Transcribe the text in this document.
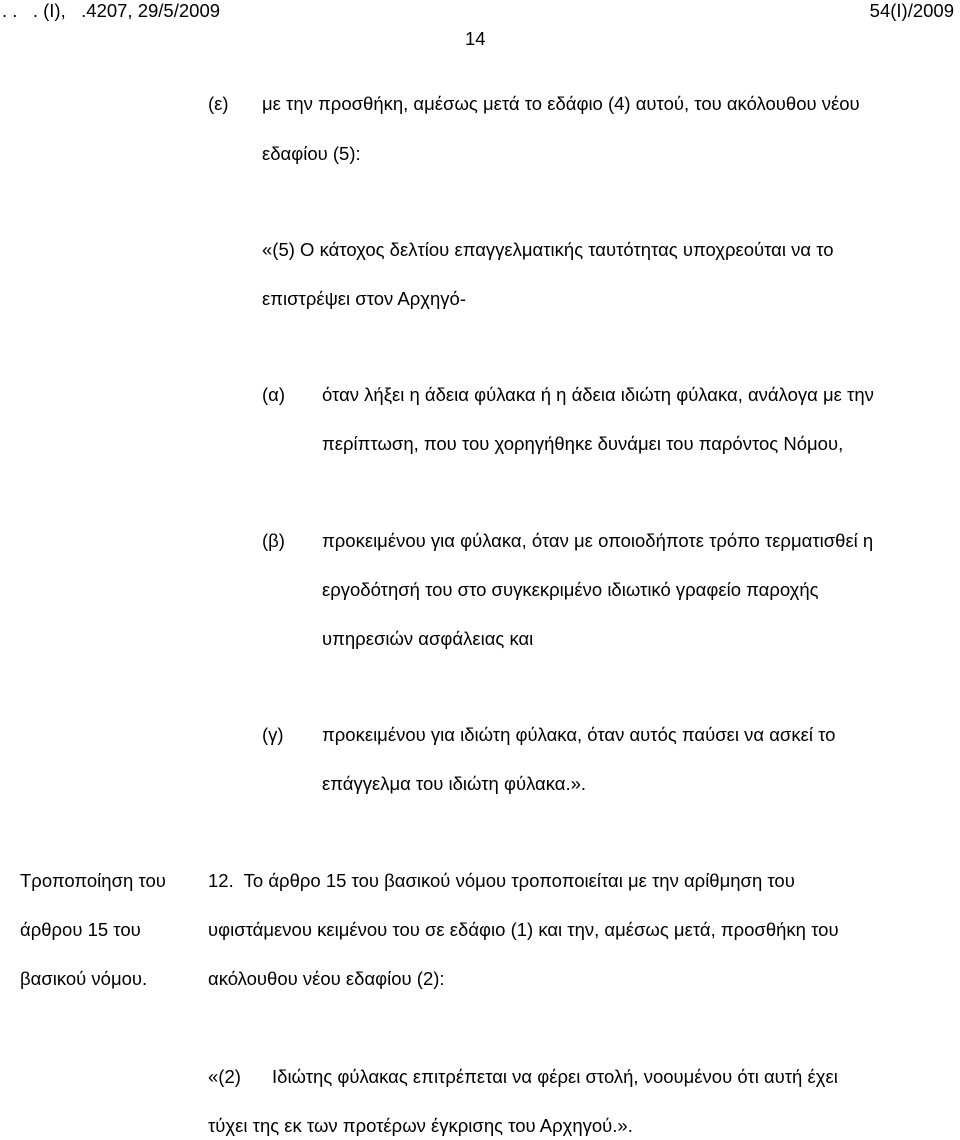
. .   . (Ι),   .4207, 29/5/2009	54(Ι)/2009
14
(ε) με την προσθήκη, αμέσως μετά το εδάφιο (4) αυτού, του ακόλουθου νέου
εδαφίου (5):
«(5) Ο κάτοχος δελτίου επαγγελματικής ταυτότητας υποχρεούται να το
επιστρέψει στον Αρχηγό-
(α) όταν λήξει η άδεια φύλακα ή η άδεια ιδιώτη φύλακα, ανάλογα με την
περίπτωση, που του χορηγήθηκε δυνάμει του παρόντος Νόμου,
(β) προκειμένου για φύλακα, όταν με οποιοδήποτε τρόπο τερματισθεί η
εργοδότησή του στο συγκεκριμένο ιδιωτικό γραφείο παροχής
υπηρεσιών ασφάλειας και
(γ) προκειμένου για ιδιώτη φύλακα, όταν αυτός παύσει να ασκεί το
επάγγελμα του ιδιώτη φύλακα.».
Τροποποίηση του
άρθρου 15 του
βασικού νόμου.
12.  Το άρθρο 15 του βασικού νόμου τροποποιείται με την αρίθμηση του
υφιστάμενου κειμένου του σε εδάφιο (1) και την, αμέσως μετά, προσθήκη του
ακόλουθου νέου εδαφίου (2):
«(2) Ιδιώτης φύλακας επιτρέπεται να φέρει στολή, νοουμένου ότι αυτή έχει
τύχει της εκ των προτέρων έγκρισης του Αρχηγού.».
